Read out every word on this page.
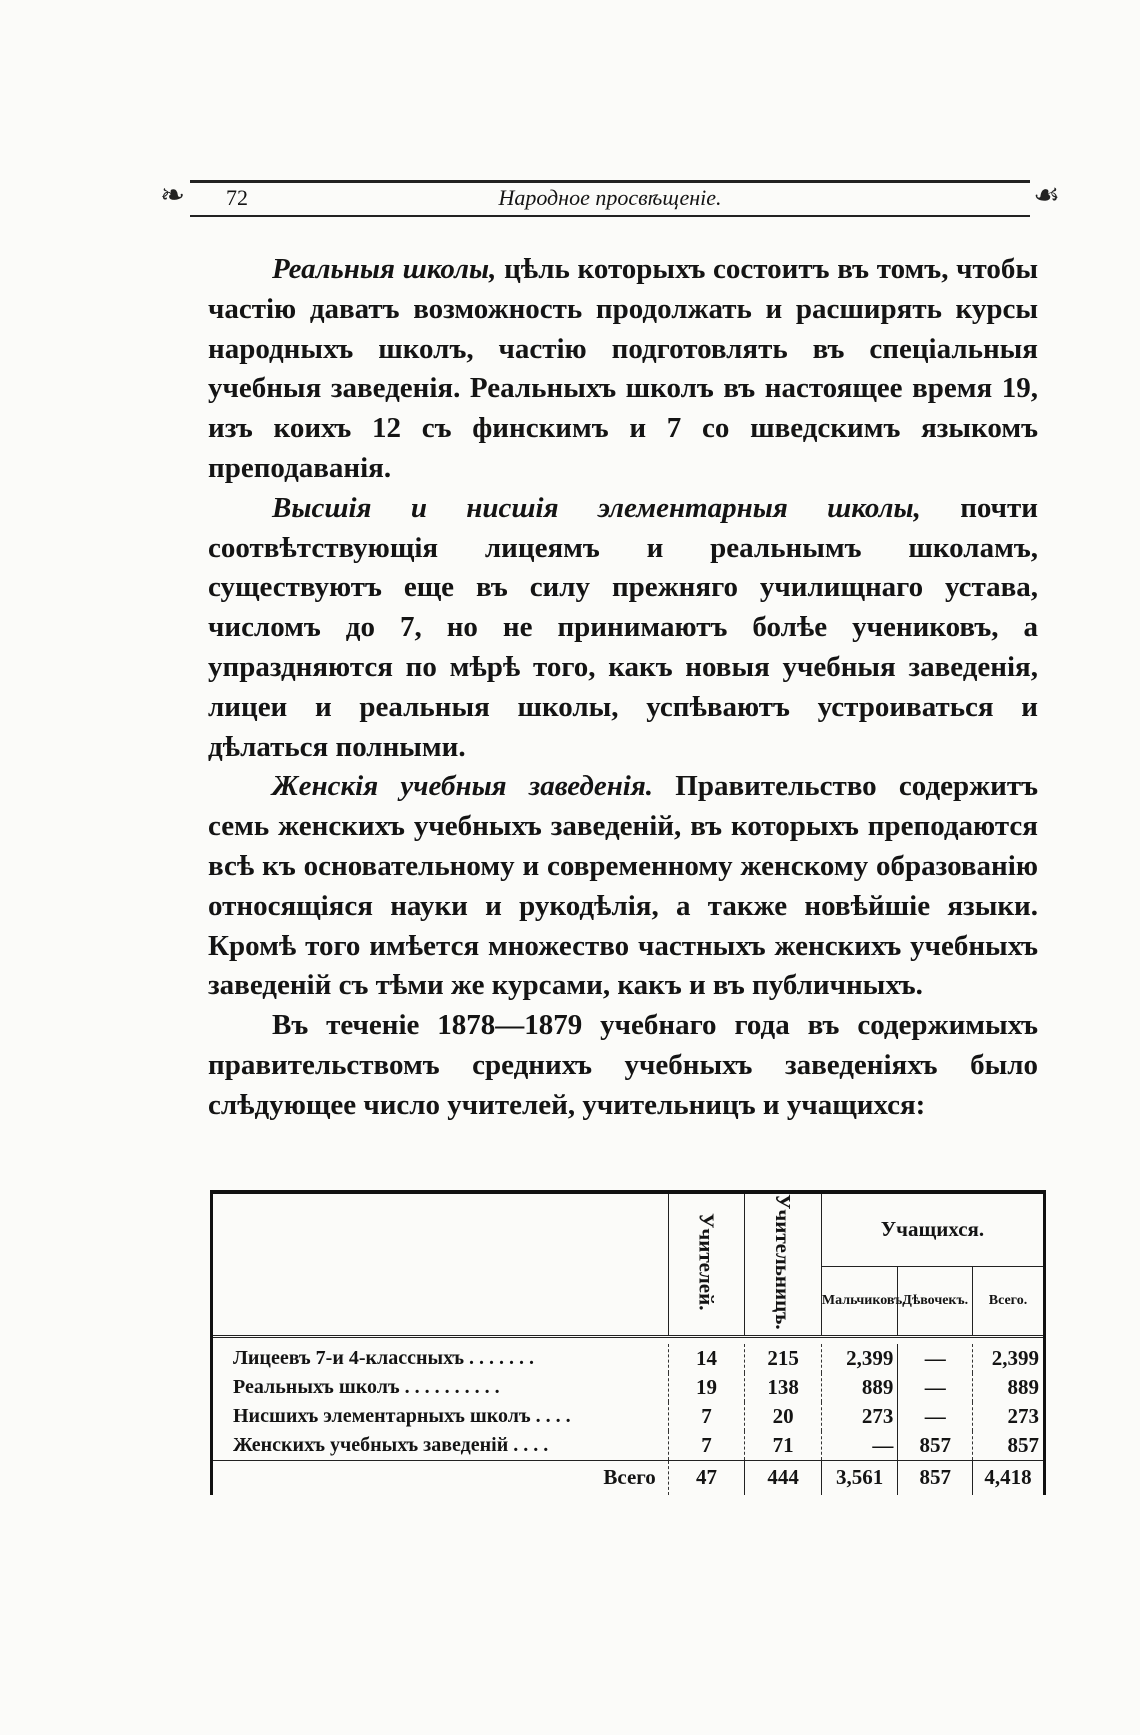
❧ 72	Народное просвѣщеніе.	☙

Реальныя школы, цѣль которыхъ состоитъ въ томъ, чтобы частію даватъ возможность продолжать и расширять курсы народныхъ школъ, частію подготовлять въ спеціальныя учебныя заведенія. Реальныхъ школъ въ настоящее время 19, изъ коихъ 12 съ финскимъ и 7 со шведскимъ языкомъ преподаванія.

Высшія и нисшія элементарныя школы, почти соотвѣтствующія лицеямъ и реальнымъ школамъ, существуютъ еще въ силу прежняго училищнаго устава, числомъ до 7, но не принимаютъ болѣе учениковъ, а упраздняются по мѣрѣ того, какъ новыя учебныя заведенія, лицеи и реальныя школы, успѣваютъ устроиваться и дѣлаться полными.

Женскія учебныя заведенія. Правительство содержитъ семь женскихъ учебныхъ заведеній, въ которыхъ преподаются всѣ къ основательному и современному женскому образованію относящіяся науки и рукодѣлія, а также новѣйшіе языки. Кромѣ того имѣется множество частныхъ женскихъ учебныхъ заведеній съ тѣми же курсами, какъ и въ публичныхъ.

Въ теченіе 1878—1879 учебнаго года въ содержимыхъ правительствомъ среднихъ учебныхъ заведеніяхъ было слѣдующее число учителей, учительницъ и учащихся:

	Учителей.	Учительницъ.	Учащихся.		
			Мальчиковъ.	Дѣвочекъ.	Всего.

Лицеевъ 7-и 4-классныхъ . . . . . . .	14	215	2,399	—	2,399
Реальныхъ школъ . . . . . . . . . .	19	138	889	—	889
Нисшихъ элементарныхъ школъ . . . .	7	20	273	—	273
Женскихъ учебныхъ заведеній . . . .	7	71	—	857	857
Всего	47	444	3,561	857	4,418
